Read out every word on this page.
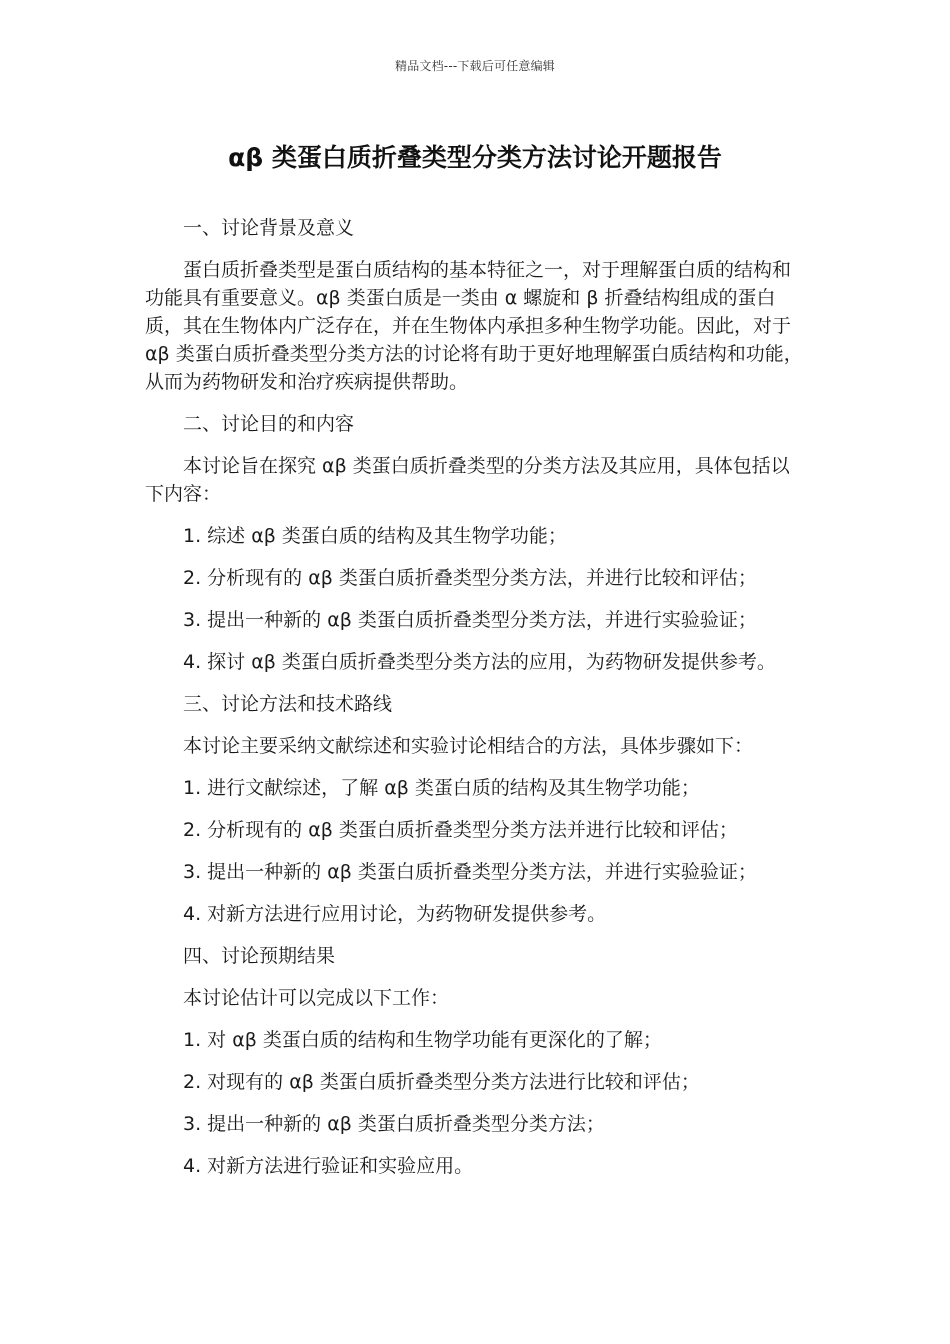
精品文档---下载后可任意编辑
αβ 类蛋白质折叠类型分类方法讨论开题报告

一、讨论背景及意义

蛋白质折叠类型是蛋白质结构的基本特征之一，对于理解蛋白质的结构和功能具有重要意义。αβ 类蛋白质是一类由 α 螺旋和 β 折叠结构组成的蛋白质，其在生物体内广泛存在，并在生物体内承担多种生物学功能。因此，对于 αβ 类蛋白质折叠类型分类方法的讨论将有助于更好地理解蛋白质结构和功能，从而为药物研发和治疗疾病提供帮助。

二、讨论目的和内容

本讨论旨在探究 αβ 类蛋白质折叠类型的分类方法及其应用，具体包括以下内容：

1. 综述 αβ 类蛋白质的结构及其生物学功能；

2. 分析现有的 αβ 类蛋白质折叠类型分类方法，并进行比较和评估；

3. 提出一种新的 αβ 类蛋白质折叠类型分类方法，并进行实验验证；

4. 探讨 αβ 类蛋白质折叠类型分类方法的应用，为药物研发提供参考。

三、讨论方法和技术路线

本讨论主要采纳文献综述和实验讨论相结合的方法，具体步骤如下：

1. 进行文献综述，了解 αβ 类蛋白质的结构及其生物学功能；

2. 分析现有的 αβ 类蛋白质折叠类型分类方法并进行比较和评估；

3. 提出一种新的 αβ 类蛋白质折叠类型分类方法，并进行实验验证；

4. 对新方法进行应用讨论，为药物研发提供参考。

四、讨论预期结果

本讨论估计可以完成以下工作：

1. 对 αβ 类蛋白质的结构和生物学功能有更深化的了解；

2. 对现有的 αβ 类蛋白质折叠类型分类方法进行比较和评估；

3. 提出一种新的 αβ 类蛋白质折叠类型分类方法；

4. 对新方法进行验证和实验应用。
